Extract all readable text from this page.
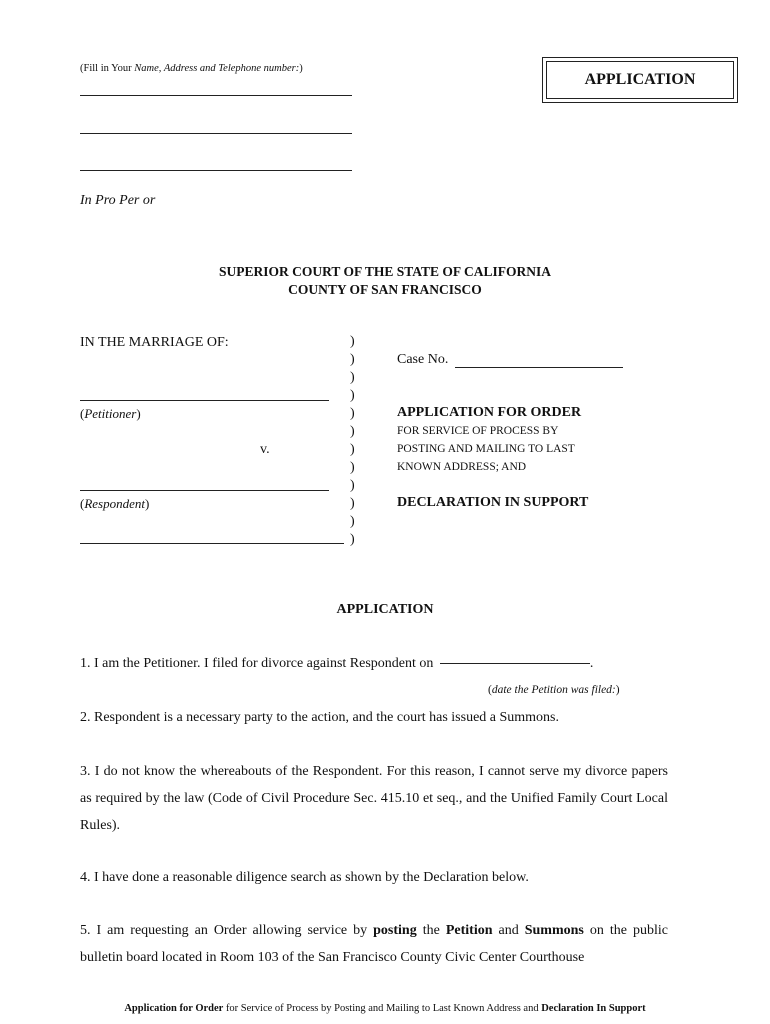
(Fill in Your Name, Address and Telephone number:)
In Pro Per or
APPLICATION
SUPERIOR COURT OF THE STATE OF CALIFORNIA
COUNTY OF SAN FRANCISCO
IN THE MARRIAGE OF:
(Petitioner)
v.
(Respondent)
)
)
)
)
)
)
)
)
)
)
)
)
Case No.
APPLICATION FOR ORDER
FOR SERVICE OF PROCESS BY
POSTING AND MAILING TO LAST
KNOWN ADDRESS; AND
DECLARATION IN SUPPORT
APPLICATION
1. I am the Petitioner. I filed for divorce against Respondent on	.
(date the Petition was filed:)
2. Respondent is a necessary party to the action, and the court has issued a Summons.
3. I do not know the whereabouts of the Respondent. For this reason, I cannot serve my divorce papers as required by the law (Code of Civil Procedure Sec. 415.10 et seq., and the Unified Family Court Local Rules).
4. I have done a reasonable diligence search as shown by the Declaration below.
5. I am requesting an Order allowing service by posting the Petition and Summons on the public bulletin board located in Room 103 of the San Francisco County Civic Center Courthouse
Application for Order for Service of Process by Posting and Mailing to Last Known Address and Declaration In Support
